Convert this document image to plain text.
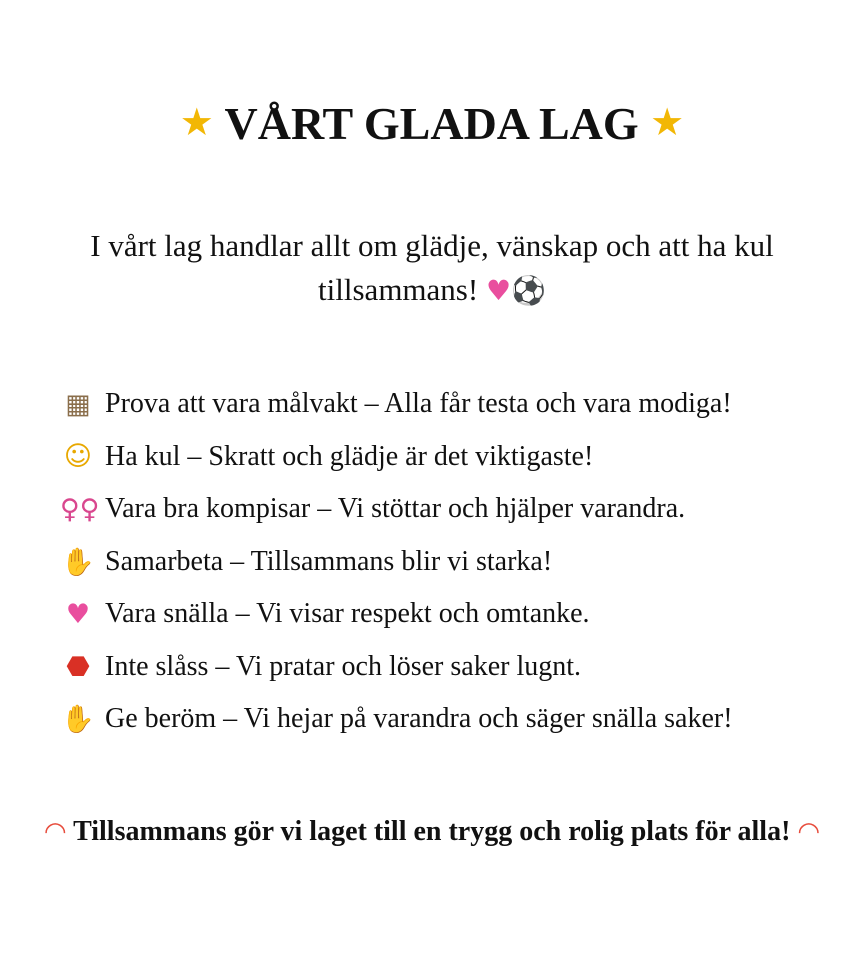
★ VÅRT GLADA LAG ★
I vårt lag handlar allt om glädje, vänskap och att ha kul tillsammans! ♥⚽
▦ Prova att vara målvakt – Alla får testa och vara modiga!
☺ Ha kul – Skratt och glädje är det viktigaste!
♀♀ Vara bra kompisar – Vi stöttar och hjälper varandra.
✋ Samarbeta – Tillsammans blir vi starka!
♥ Vara snälla – Vi visar respekt och omtanke.
⬣ Inte slåss – Vi pratar och löser saker lugnt.
✋ Ge beröm – Vi hejar på varandra och säger snälla saker!
◠ Tillsammans gör vi laget till en trygg och rolig plats för alla! ◠
